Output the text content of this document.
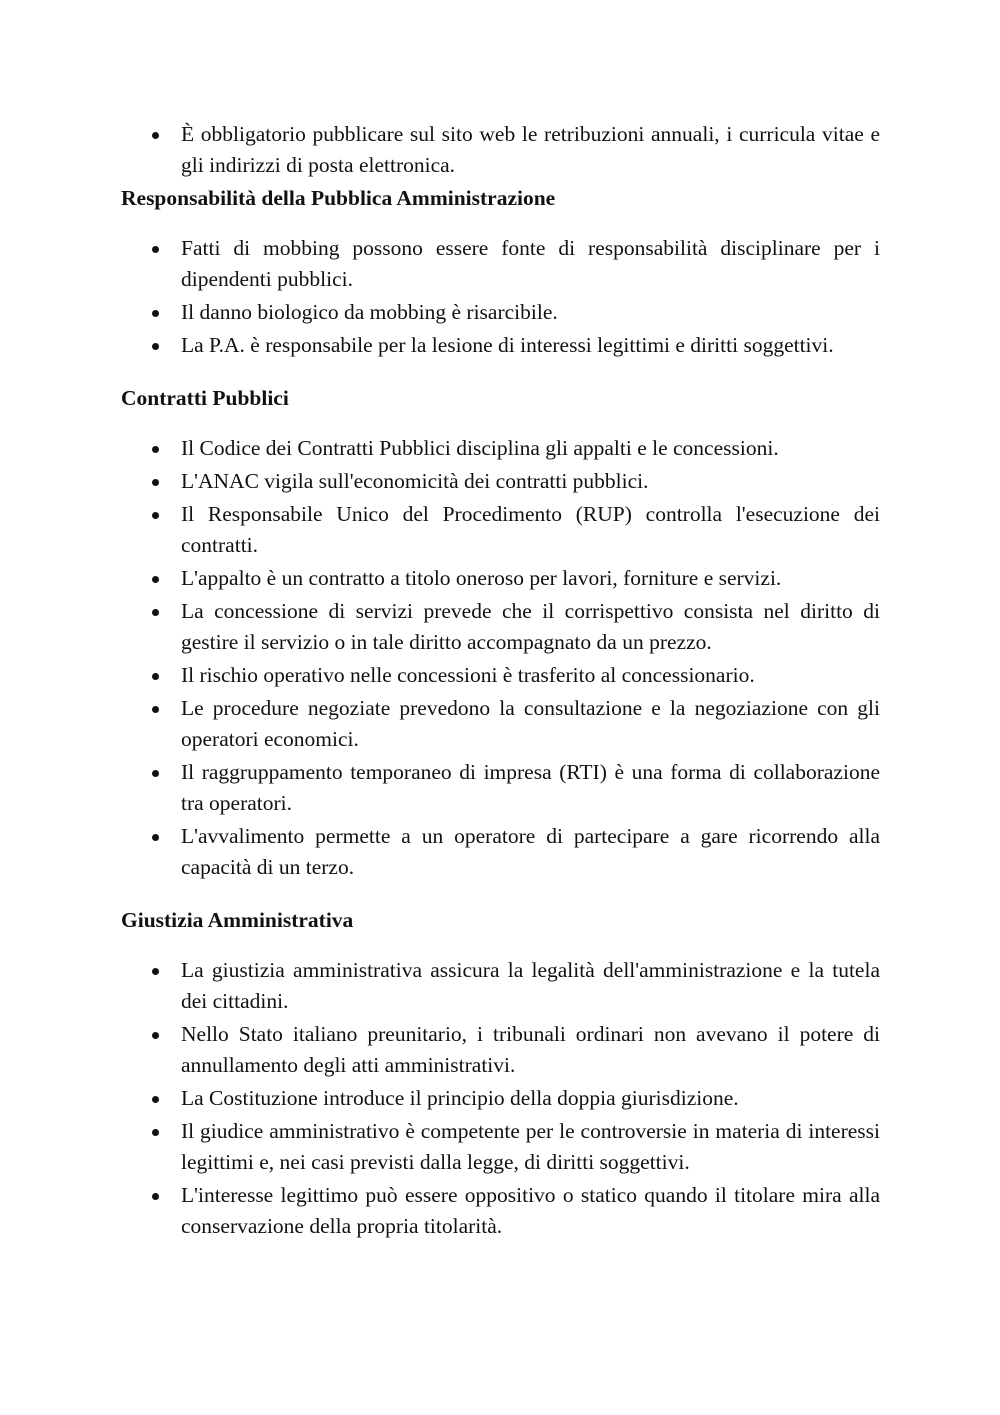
È obbligatorio pubblicare sul sito web le retribuzioni annuali, i curricula vitae e gli indirizzi di posta elettronica.
Responsabilità della Pubblica Amministrazione
Fatti di mobbing possono essere fonte di responsabilità disciplinare per i dipendenti pubblici.
Il danno biologico da mobbing è risarcibile.
La P.A. è responsabile per la lesione di interessi legittimi e diritti soggettivi.
Contratti Pubblici
Il Codice dei Contratti Pubblici disciplina gli appalti e le concessioni.
L'ANAC vigila sull'economicità dei contratti pubblici.
Il Responsabile Unico del Procedimento (RUP) controlla l'esecuzione dei contratti.
L'appalto è un contratto a titolo oneroso per lavori, forniture e servizi.
La concessione di servizi prevede che il corrispettivo consista nel diritto di gestire il servizio o in tale diritto accompagnato da un prezzo.
Il rischio operativo nelle concessioni è trasferito al concessionario.
Le procedure negoziate prevedono la consultazione e la negoziazione con gli operatori economici.
Il raggruppamento temporaneo di impresa (RTI) è una forma di collaborazione tra operatori.
L'avvalimento permette a un operatore di partecipare a gare ricorrendo alla capacità di un terzo.
Giustizia Amministrativa
La giustizia amministrativa assicura la legalità dell'amministrazione e la tutela dei cittadini.
Nello Stato italiano preunitario, i tribunali ordinari non avevano il potere di annullamento degli atti amministrativi.
La Costituzione introduce il principio della doppia giurisdizione.
Il giudice amministrativo è competente per le controversie in materia di interessi legittimi e, nei casi previsti dalla legge, di diritti soggettivi.
L'interesse legittimo può essere oppositivo o statico quando il titolare mira alla conservazione della propria titolarità.
